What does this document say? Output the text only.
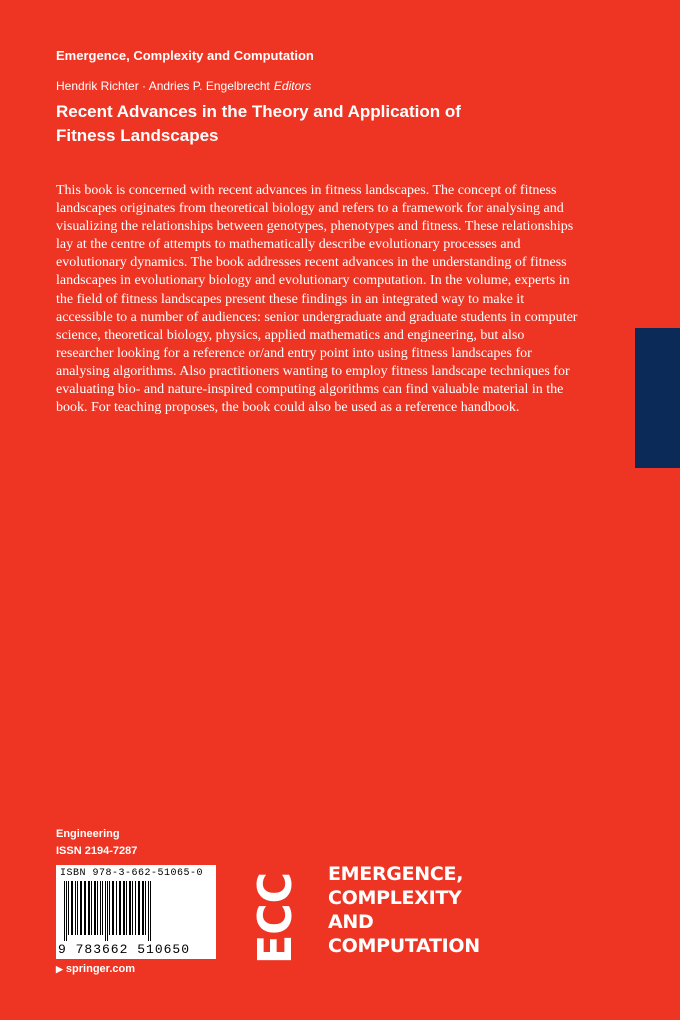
Emergence, Complexity and Computation
Hendrik Richter · Andries P. Engelbrecht Editors
Recent Advances in the Theory and Application of Fitness Landscapes
This book is concerned with recent advances in fitness landscapes. The concept of fitness landscapes originates from theoretical biology and refers to a framework for analysing and visualizing the relationships between genotypes, phenotypes and fitness. These relationships lay at the centre of attempts to mathematically describe evolutionary processes and evolutionary dynamics. The book addresses recent advances in the understanding of fitness landscapes in evolutionary biology and evolutionary computation. In the volume, experts in the field of fitness landscapes present these findings in an integrated way to make it accessible to a number of audiences: senior undergraduate and graduate students in computer science, theoretical biology, physics, applied mathematics and engineering, but also researcher looking for a reference or/and entry point into using fitness landscapes for analysing algorithms. Also practitioners wanting to employ fitness landscape techniques for evaluating bio- and nature-inspired computing algorithms can find valuable material in the book. For teaching proposes, the book could also be used as a reference handbook.
Engineering
ISSN 2194-7287
ISBN 978-3-662-51065-0
9 783662 510650
▶ springer.com
ECC EMERGENCE,
COMPLEXITY
AND
COMPUTATION
